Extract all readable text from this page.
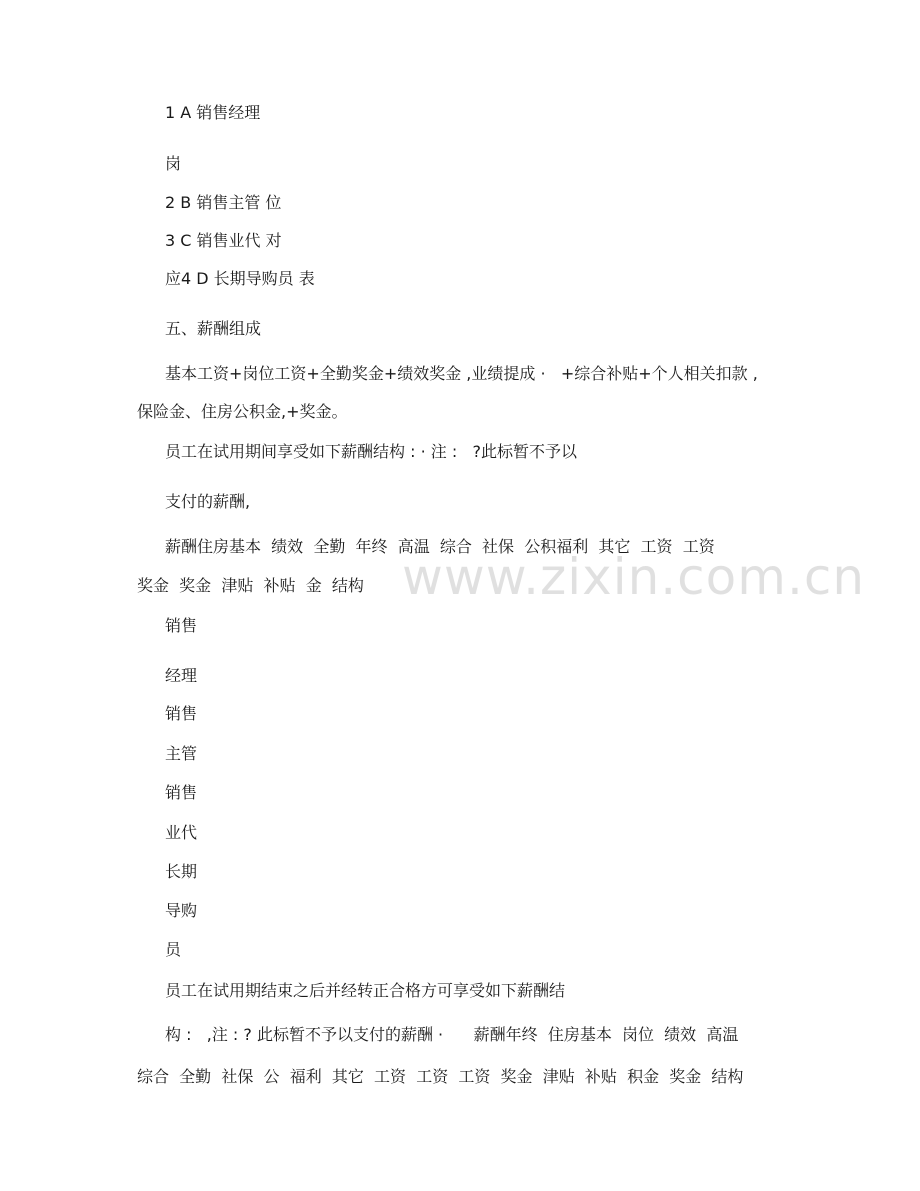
1 A 销售经理
岗
2 B 销售主管 位
3 C 销售业代 对
应4 D 长期导购员 表
五、薪酬组成
基本工资+岗位工资+全勤奖金+绩效奖金 ,业绩提成 ·   +综合补贴+个人相关扣款 ,
保险金、住房公积金,+奖金。
员工在试用期间享受如下薪酬结构 : · 注 :   ?此标暂不予以
支付的薪酬,
薪酬住房基本  绩效  全勤  年终  高温  综合  社保  公积福利  其它  工资  工资
奖金  奖金  津贴  补贴  金  结构
销售
经理
销售
主管
销售
业代
长期
导购
员
员工在试用期结束之后并经转正合格方可享受如下薪酬结
构 :   ,注 : ? 此标暂不予以支付的薪酬 ·      薪酬年终  住房基本  岗位  绩效  高温
综合  全勤  社保  公  福利  其它  工资  工资  工资  奖金  津贴  补贴  积金  奖金  结构
www.zixin.com.cn
